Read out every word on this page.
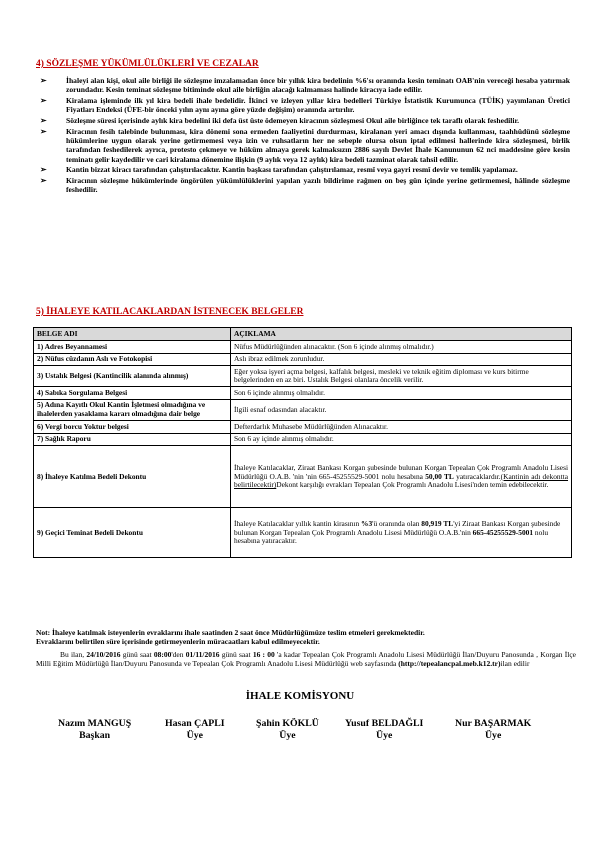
4) SÖZLEŞME YÜKÜMLÜLÜKLERİ VE CEZALAR
➢	İhaleyi alan kişi, okul aile birliği ile sözleşme imzalamadan önce bir yıllık kira bedelinin %6'sı oranında kesin teminatı OAB'nin vereceği hesaba yatırmak zorundadır. Kesin teminat sözleşme bitiminde okul aile birliğin alacağı kalmaması halinde kiracıya iade edilir.
➢	Kiralama işleminde ilk yıl kira bedeli ihale bedelidir. İkinci ve izleyen yıllar kira bedelleri Türkiye İstatistik Kurumunca (TÜİK) yayımlanan Üretici Fiyatları Endeksi (ÜFE-bir önceki yılın aynı ayına göre yüzde değişim) oranında artırılır.
➢	Sözleşme süresi içerisinde aylık kira bedelini iki defa üst üste ödemeyen kiracının sözleşmesi Okul aile birliğince tek taraflı olarak feshedilir.
➢	Kiracının fesih talebinde bulunması, kira dönemi sona ermeden faaliyetini durdurması, kiralanan yeri amacı dışında kullanması, taahhüdünü sözleşme hükümlerine uygun olarak yerine getirmemesi veya izin ve ruhsatların her ne sebeple olursa olsun iptal edilmesi hallerinde kira sözleşmesi, birlik tarafından feshedilerek ayrıca, protesto çekmeye ve hüküm almaya gerek kalmaksızın 2886 sayılı Devlet İhale Kanununun 62 nci maddesine göre kesin teminatı gelir kaydedilir ve cari kiralama dönemine ilişkin (9 aylık veya 12 aylık) kira bedeli tazminat olarak tahsil edilir.
➢	Kantin bizzat kiracı tarafından çalıştırılacaktır. Kantin başkası tarafından çalıştırılamaz, resmî veya gayri resmî devir ve temlik yapılamaz.
➢	Kiracının sözleşme hükümlerinde öngörülen yükümlülüklerini yapılan yazılı bildirime rağmen on beş gün içinde yerine getirmemesi, hâlinde sözleşme feshedilir.
5) İHALEYE KATILACAKLARDAN İSTENECEK BELGELER
BELGE ADI	AÇIKLAMA
1) Adres Beyannamesi	Nüfus Müdürlüğünden alınacaktır. (Son 6 içinde alınmış olmalıdır.)
2) Nüfus cüzdanın Aslı ve Fotokopisi	Aslı ibraz edilmek zorunludur.
3) Ustalık Belgesi (Kantincilik alanında alınmış)	Eğer yoksa işyeri açma belgesi, kalfalık belgesi, mesleki ve teknik eğitim diploması ve kurs bitirme belgelerinden en az biri. Ustalık Belgesi olanlara öncelik verilir.
4) Sabıka Sorgulama Belgesi	Son 6 içinde alınmış olmalıdır.
5) Adına Kayıtlı Okul Kantin İşletmesi olmadığına ve ihalelerden yasaklama kararı olmadığına dair belge	İlgili esnaf odasından alacaktır.
6) Vergi borcu Yoktur belgesi	Defterdarlık Muhasebe Müdürlüğünden Alınacaktır.
7) Sağlık Raporu	Son 6 ay içinde alınmış olmalıdır.
8) İhaleye Katılma Bedeli Dekontu	İhaleye Katılacaklar, Ziraat Bankası Korgan şubesinde bulunan Korgan Tepealan Çok Programlı Anadolu Lisesi Müdürlüğü O.A.B. 'nin 'nin 665-45255529-5001 nolu hesabına 50,00 TL yatıracaklardır.(Kantinin adı dekontta belirtilecektir)Dekont karşılığı evrakları Tepealan Çok Programlı Anadolu Lisesi'nden temin edebilecektir.
9) Geçici Teminat Bedeli Dekontu	İhaleye Katılacaklar yıllık kantin kirasının %3'ü oranında olan 80,919 TL'yi Ziraat Bankası Korgan şubesinde bulunan Korgan Tepealan Çok Programlı Anadolu Lisesi Müdürlüğü O.A.B.'nin 665-45255529-5001 nolu hesabına yatıracaktır.
Not: İhaleye katılmak isteyenlerin evraklarını ihale saatinden 2 saat önce Müdürlüğümüze teslim etmeleri gerekmektedir.
Evraklarını belirtilen süre içerisinde getirmeyenlerin müracaatları kabul edilmeyecektir.
Bu ilan, 24/10/2016 günü saat 08:00'den 01/11/2016 günü saat 16 : 00 'a kadar Tepealan Çok Programlı Anadolu Lisesi Müdürlüğü İlan/Duyuru Panosunda , Korgan İlçe Milli Eğitim Müdürlüğü İlan/Duyuru Panosunda ve Tepealan Çok Programlı Anadolu Lisesi Müdürlüğü web sayfasında (http://tepealancpal.meb.k12.tr)ilan edilir
İHALE KOMİSYONU
Nazım MANGUŞ
Başkan
Hasan ÇAPLI
Üye
Şahin KÖKLÜ
Üye
Yusuf BELDAĞLI
Üye
Nur BAŞARMAK
Üye
